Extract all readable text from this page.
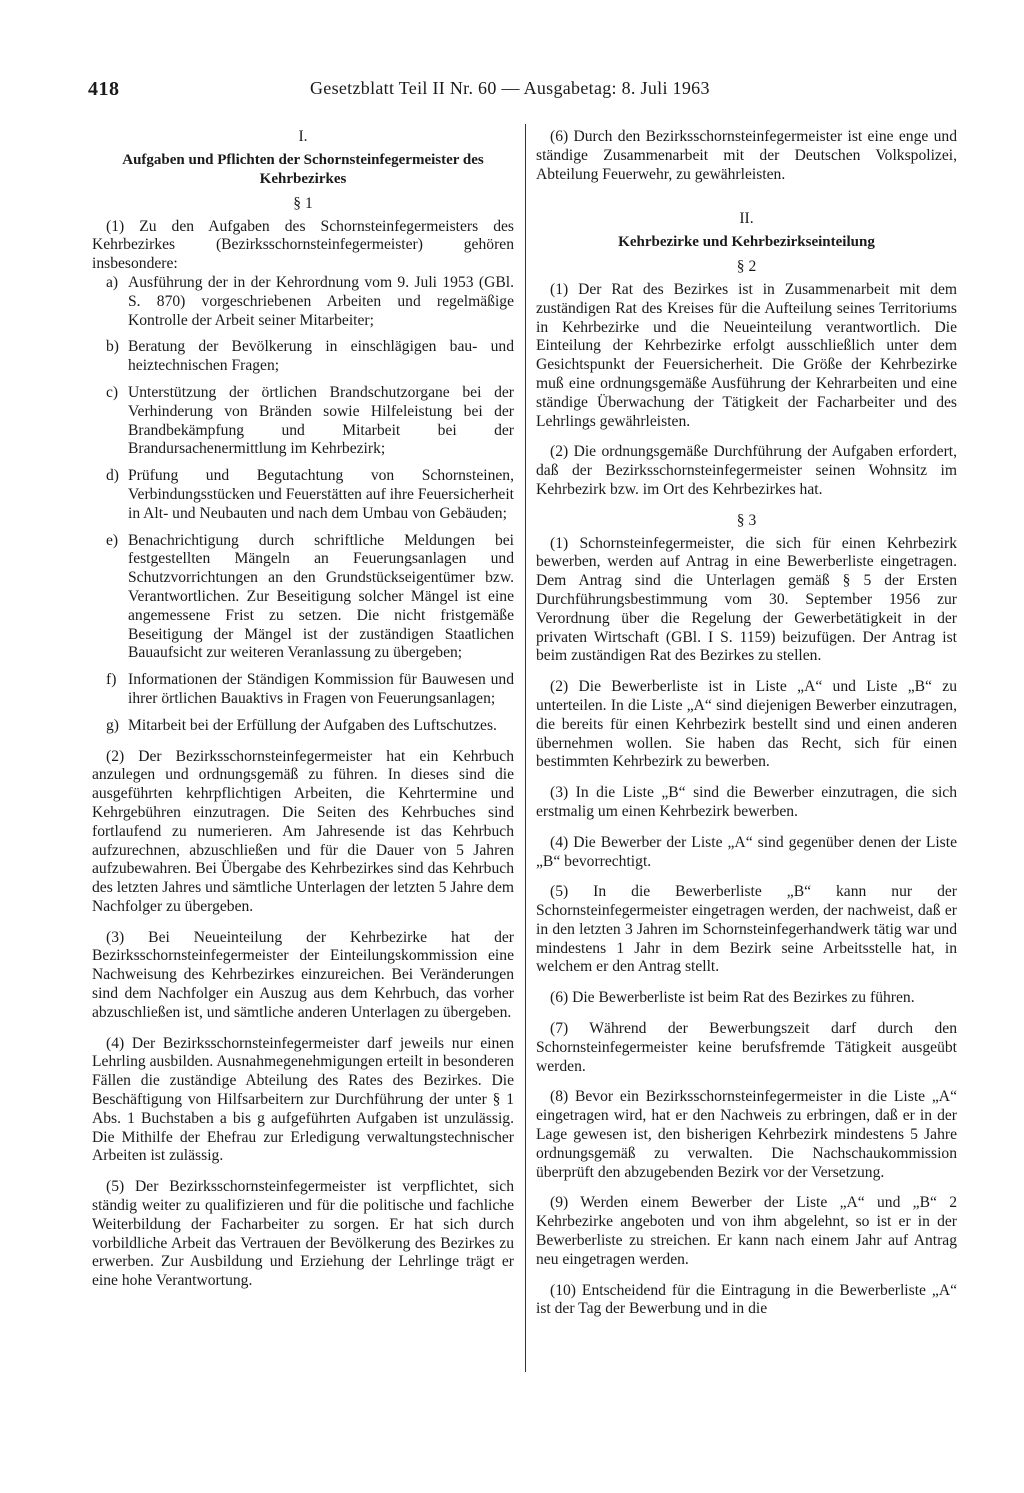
418	Gesetzblatt Teil II Nr. 60 — Ausgabetag: 8. Juli 1963
I.
Aufgaben und Pflichten der Schornsteinfegermeister des Kehrbezirkes
§ 1

(1) Zu den Aufgaben des Schornsteinfegermeisters des Kehrbezirkes (Bezirksschornsteinfegermeister) gehören insbesondere:

a) Ausführung der in der Kehrordnung vom 9. Juli 1953 (GBl. S. 870) vorgeschriebenen Arbeiten und regelmäßige Kontrolle der Arbeit seiner Mitarbeiter;
b) Beratung der Bevölkerung in einschlägigen bau- und heiztechnischen Fragen;
c) Unterstützung der örtlichen Brandschutzorgane bei der Verhinderung von Bränden sowie Hilfeleistung bei der Brandbekämpfung und Mitarbeit bei der Brandursachenermittlung im Kehrbezirk;
d) Prüfung und Begutachtung von Schornsteinen, Verbindungsstücken und Feuerstätten auf ihre Feuersicherheit in Alt- und Neubauten und nach dem Umbau von Gebäuden;
e) Benachrichtigung durch schriftliche Meldungen bei festgestellten Mängeln an Feuerungsanlagen und Schutzvorrichtungen an den Grundstückseigentümer bzw. Verantwortlichen. Zur Beseitigung solcher Mängel ist eine angemessene Frist zu setzen. Die nicht fristgemäße Beseitigung der Mängel ist der zuständigen Staatlichen Bauaufsicht zur weiteren Veranlassung zu übergeben;
f) Informationen der Ständigen Kommission für Bauwesen und ihrer örtlichen Bauaktivs in Fragen von Feuerungsanlagen;
g) Mitarbeit bei der Erfüllung der Aufgaben des Luftschutzes.

(2) Der Bezirksschornsteinfegermeister hat ein Kehrbuch anzulegen und ordnungsgemäß zu führen. In dieses sind die ausgeführten kehrpflichtigen Arbeiten, die Kehrtermine und Kehrgebühren einzutragen. Die Seiten des Kehrbuches sind fortlaufend zu numerieren. Am Jahresende ist das Kehrbuch aufzurechnen, abzuschließen und für die Dauer von 5 Jahren aufzubewahren. Bei Übergabe des Kehrbezirkes sind das Kehrbuch des letzten Jahres und sämtliche Unterlagen der letzten 5 Jahre dem Nachfolger zu übergeben.

(3) Bei Neueinteilung der Kehrbezirke hat der Bezirksschornsteinfegermeister der Einteilungskommission eine Nachweisung des Kehrbezirkes einzureichen. Bei Veränderungen sind dem Nachfolger ein Auszug aus dem Kehrbuch, das vorher abzuschließen ist, und sämtliche anderen Unterlagen zu übergeben.

(4) Der Bezirksschornsteinfegermeister darf jeweils nur einen Lehrling ausbilden. Ausnahmegenehmigungen erteilt in besonderen Fällen die zuständige Abteilung des Rates des Bezirkes. Die Beschäftigung von Hilfsarbeitern zur Durchführung der unter § 1 Abs. 1 Buchstaben a bis g aufgeführten Aufgaben ist unzulässig. Die Mithilfe der Ehefrau zur Erledigung verwaltungstechnischer Arbeiten ist zulässig.

(5) Der Bezirksschornsteinfegermeister ist verpflichtet, sich ständig weiter zu qualifizieren und für die politische und fachliche Weiterbildung der Facharbeiter zu sorgen. Er hat sich durch vorbildliche Arbeit das Vertrauen der Bevölkerung des Bezirkes zu erwerben. Zur Ausbildung und Erziehung der Lehrlinge trägt er eine hohe Verantwortung.

(6) Durch den Bezirksschornsteinfegermeister ist eine enge und ständige Zusammenarbeit mit der Deutschen Volkspolizei, Abteilung Feuerwehr, zu gewährleisten.

II.
Kehrbezirke und Kehrbezirkseinteilung
§ 2

(1) Der Rat des Bezirkes ist in Zusammenarbeit mit dem zuständigen Rat des Kreises für die Aufteilung seines Territoriums in Kehrbezirke und die Neueinteilung verantwortlich. Die Einteilung der Kehrbezirke erfolgt ausschließlich unter dem Gesichtspunkt der Feuersicherheit. Die Größe der Kehrbezirke muß eine ordnungsgemäße Ausführung der Kehrarbeiten und eine ständige Überwachung der Tätigkeit der Facharbeiter und des Lehrlings gewährleisten.

(2) Die ordnungsgemäße Durchführung der Aufgaben erfordert, daß der Bezirksschornsteinfegermeister seinen Wohnsitz im Kehrbezirk bzw. im Ort des Kehrbezirkes hat.

§ 3

(1) Schornsteinfegermeister, die sich für einen Kehrbezirk bewerben, werden auf Antrag in eine Bewerberliste eingetragen. Dem Antrag sind die Unterlagen gemäß § 5 der Ersten Durchführungsbestimmung vom 30. September 1956 zur Verordnung über die Regelung der Gewerbetätigkeit in der privaten Wirtschaft (GBl. I S. 1159) beizufügen. Der Antrag ist beim zuständigen Rat des Bezirkes zu stellen.

(2) Die Bewerberliste ist in Liste „A“ und Liste „B“ zu unterteilen. In die Liste „A“ sind diejenigen Bewerber einzutragen, die bereits für einen Kehrbezirk bestellt sind und einen anderen übernehmen wollen. Sie haben das Recht, sich für einen bestimmten Kehrbezirk zu bewerben.

(3) In die Liste „B“ sind die Bewerber einzutragen, die sich erstmalig um einen Kehrbezirk bewerben.

(4) Die Bewerber der Liste „A“ sind gegenüber denen der Liste „B“ bevorrechtigt.

(5) In die Bewerberliste „B“ kann nur der Schornsteinfegermeister eingetragen werden, der nachweist, daß er in den letzten 3 Jahren im Schornsteinfegerhandwerk tätig war und mindestens 1 Jahr in dem Bezirk seine Arbeitsstelle hat, in welchem er den Antrag stellt.

(6) Die Bewerberliste ist beim Rat des Bezirkes zu führen.

(7) Während der Bewerbungszeit darf durch den Schornsteinfegermeister keine berufsfremde Tätigkeit ausgeübt werden.

(8) Bevor ein Bezirksschornsteinfegermeister in die Liste „A“ eingetragen wird, hat er den Nachweis zu erbringen, daß er in der Lage gewesen ist, den bisherigen Kehrbezirk mindestens 5 Jahre ordnungsgemäß zu verwalten. Die Nachschaukommission überprüft den abzugebenden Bezirk vor der Versetzung.

(9) Werden einem Bewerber der Liste „A“ und „B“ 2 Kehrbezirke angeboten und von ihm abgelehnt, so ist er in der Bewerberliste zu streichen. Er kann nach einem Jahr auf Antrag neu eingetragen werden.

(10) Entscheidend für die Eintragung in die Bewerberliste „A“ ist der Tag der Bewerbung und in die
